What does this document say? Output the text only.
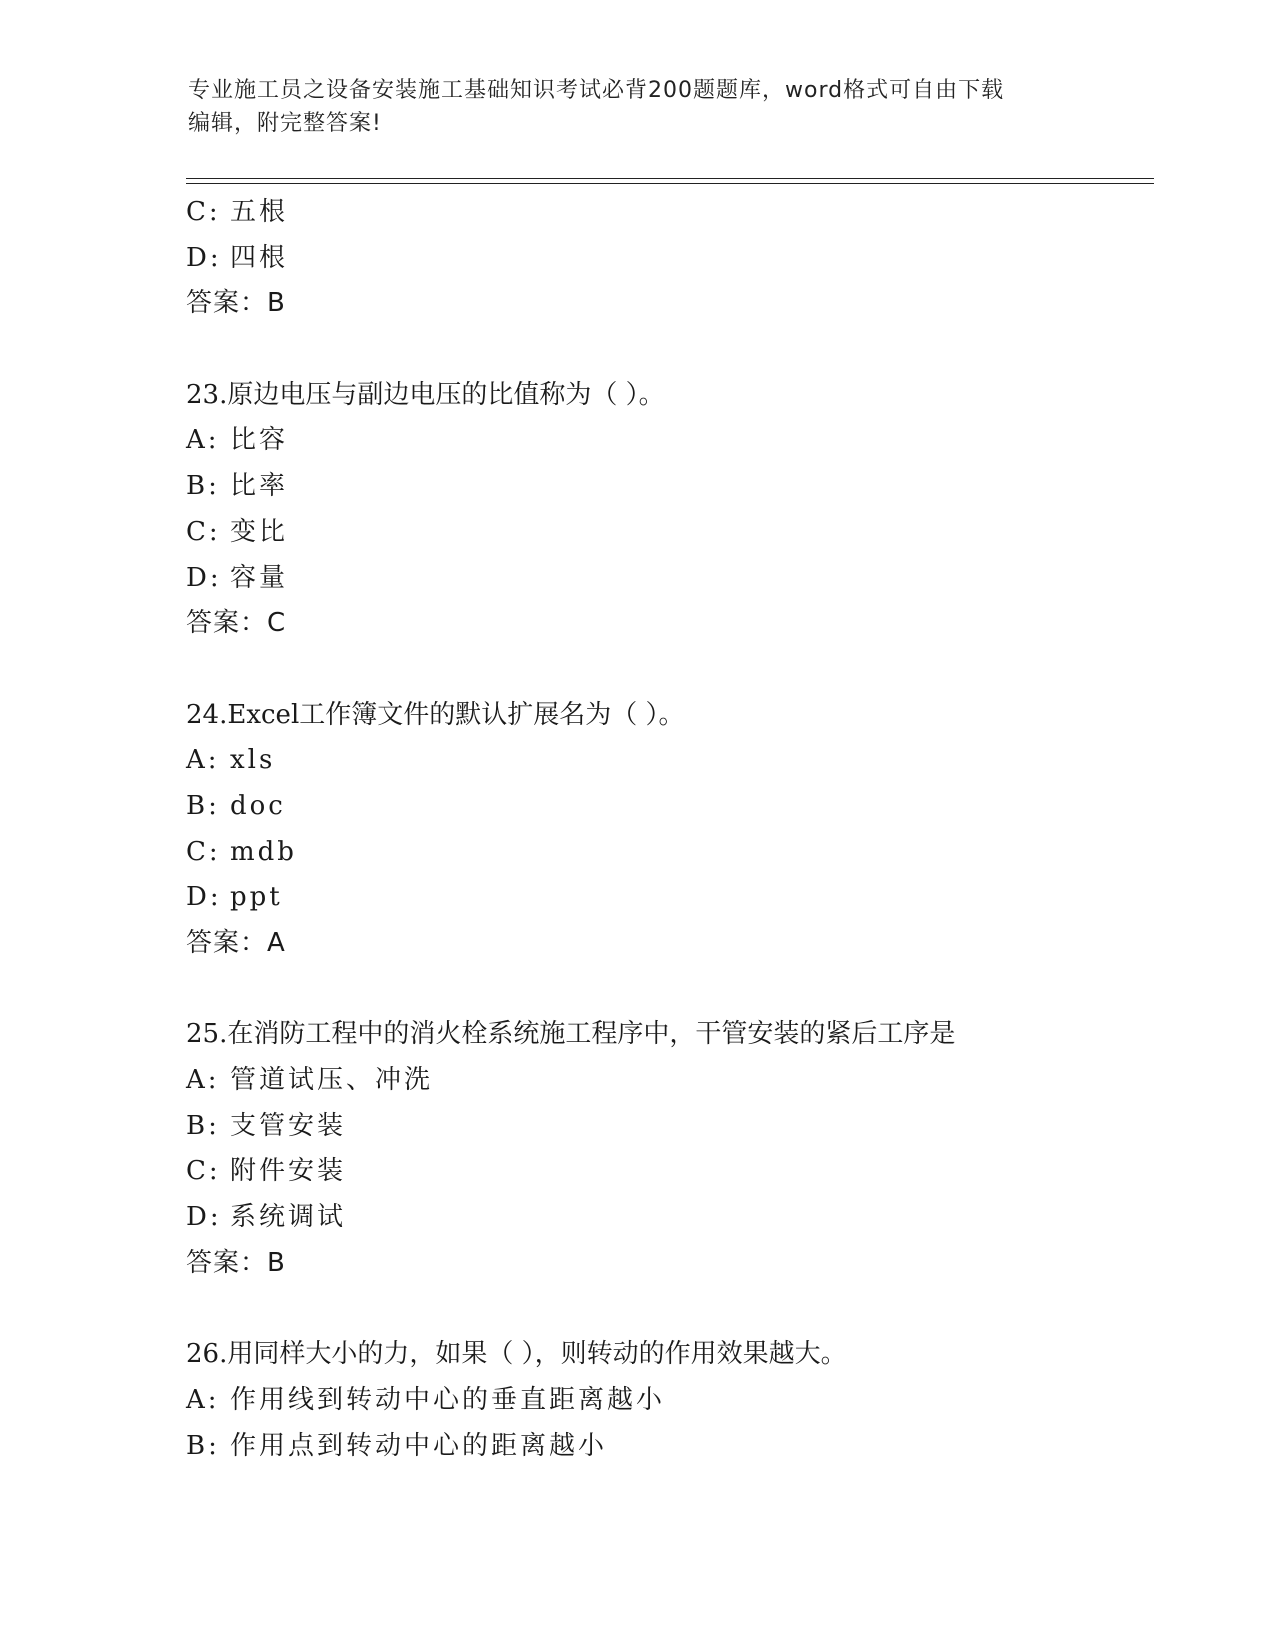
专业施工员之设备安装施工基础知识考试必背200题题库，word格式可自由下载
编辑，附完整答案!
C: 五根
D: 四根
答案：B
23.原边电压与副边电压的比值称为（ ）。
A: 比容
B: 比率
C: 变比
D: 容量
答案：C
24.Excel工作簿文件的默认扩展名为（ ）。
A: xls
B: doc
C: mdb
D: ppt
答案：A
25.在消防工程中的消火栓系统施工程序中，干管安装的紧后工序是
A: 管道试压、冲洗
B: 支管安装
C: 附件安装
D: 系统调试
答案：B
26.用同样大小的力，如果（ ），则转动的作用效果越大。
A: 作用线到转动中心的垂直距离越小
B: 作用点到转动中心的距离越小
